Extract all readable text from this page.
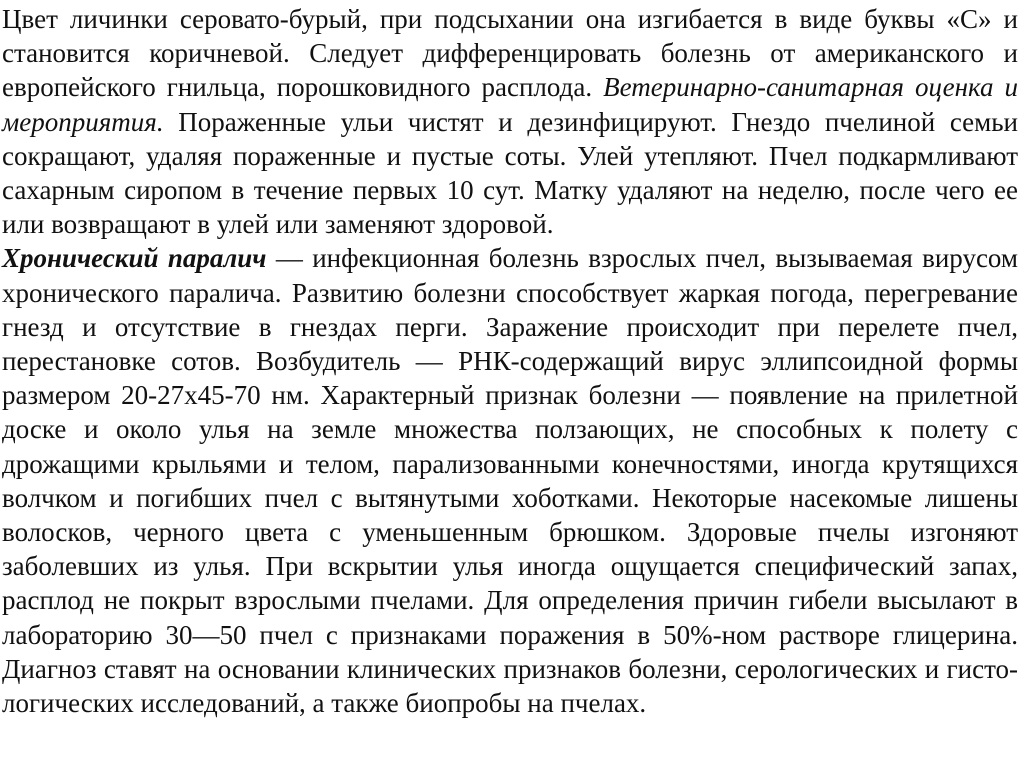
Цвет личинки серовато-бурый, при подсыхании она изгибается в виде буквы «С» и становится коричневой. Следует дифференцировать болезнь от американского и европейского гнильца, порошковидного расплода. Ветеринарно-санитарная оценка и мероприятия. Пораженные ульи чистят и дезинфицируют. Гнездо пчелиной семьи сокращают, удаляя пораженные и пустые соты. Улей утепляют. Пчел подкармливают сахарным сиропом в течение первых 10 сут. Матку удаляют на неделю, после чего ее или возвращают в улей или заменяют здоровой.

Хронический паралич — инфекционная болезнь взрослых пчел, вызываемая вирусом хронического паралича. Развитию болезни способствует жаркая погода, перегревание гнезд и отсутствие в гнездах перги. Заражение происходит при перелете пчел, перестановке сотов. Возбудитель — РНК-содержащий вирус эллипсоидной формы размером 20-27х45-70 нм. Характерный признак болезни — появление на прилетной доске и около улья на земле множества ползающих, не способных к полету с дрожащими крыльями и телом, парализованными конечностями, иногда крутящихся волчком и погибших пчел с вытянутыми хоботками. Некоторые насекомые лишены волосков, черного цвета с уменьшенным брюшком. Здоровые пчелы изгоняют заболевших из улья. При вскрытии улья иногда ощущается специфический запах, расплод не покрыт взрослыми пчелами. Для определения причин гибели высылают в лабораторию 30—50 пчел с признаками поражения в 50%-ном растворе глицерина. Диагноз ставят на основании клинических признаков болезни, серологических и гисто-логических исследований, а также биопробы на пчелах.
